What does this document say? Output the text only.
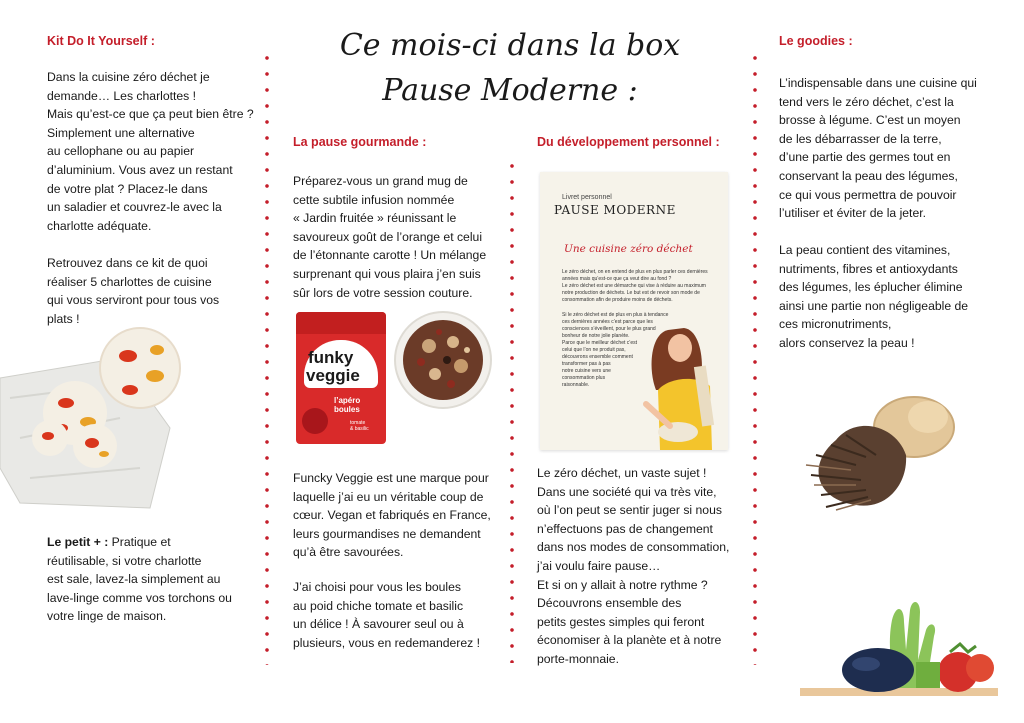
Ce mois-ci dans la box
Pause Moderne :
Kit Do It Yourself :
Dans la cuisine zéro déchet je
demande… Les charlottes !
Mais qu’est-ce que ça peut bien être ?
Simplement une alternative
au cellophane ou au papier
d’aluminium. Vous avez un restant
de votre plat ? Placez-le dans
un saladier et couvrez-le avec la
charlotte adéquate.
Retrouvez dans ce kit de quoi
réaliser 5 charlottes de cuisine
qui vous serviront pour tous vos
plats !
Le petit + : Pratique et
réutilisable, si votre charlotte
est sale, lavez-la simplement au
lave-linge comme vos torchons ou
votre linge de maison.
La pause gourmande :
Préparez-vous un grand mug de
cette subtile infusion nommée
« Jardin fruitée » réunissant le
savoureux goût de l’orange et celui
de l’étonnante carotte ! Un mélange
surprenant qui vous plaira j’en suis
sûr lors de votre session couture.
funky
veggie
l’apéro
boules
tomate
& basilic
Funcky Veggie est une marque pour
laquelle j’ai eu un véritable coup de
cœur. Vegan et fabriqués en France,
leurs gourmandises ne demandent
qu’à être savourées.
J’ai choisi pour vous les boules
au poid chiche tomate et basilic
un délice ! À savourer seul ou à
plusieurs, vous en redemanderez !
Du développement personnel :
Livret personnel
PAUSE MODERNE
Une cuisine zéro déchet
Le zéro déchet, on en entend de plus en plus parler ces dernières
années mais qu’est-ce que ça veut dire au fond ?
Le zéro déchet est une démarche qui vise à réduire au maximum
notre production de déchets. Le but est de revoir son mode de
consommation afin de produire moins de déchets.
Si le zéro déchet est de plus en plus à tendance
ces dernières années c’est parce que les
consciences s’éveillent, pour le plus grand
bonheur de notre jolie planète.
Parce que le meilleur déchet c’est
celui que l’on ne produit pas,
découvrons ensemble comment
transformer pas à pas
notre cuisine vers une
consommation plus
raisonnable.
Le zéro déchet, un vaste sujet !
Dans une société qui va très vite,
où l’on peut se sentir juger si nous
n’effectuons pas de changement
dans nos modes de consommation,
j’ai voulu faire pause…
Et si on y allait à notre rythme ?
Découvrons ensemble des
petits gestes simples qui feront
économiser à la planète et à notre
porte-monnaie.
Le goodies :
L’indispensable dans une cuisine qui
tend vers le zéro déchet, c’est la
brosse à légume. C’est un moyen
de les débarrasser de la terre,
d’une partie des germes tout en
conservant la peau des légumes,
ce qui vous permettra de pouvoir
l’utiliser et éviter de la jeter.
La peau contient des vitamines,
nutriments, fibres et antioxydants
des légumes, les éplucher élimine
ainsi une partie non négligeable de
ces micronutriments,
alors conservez la peau !
